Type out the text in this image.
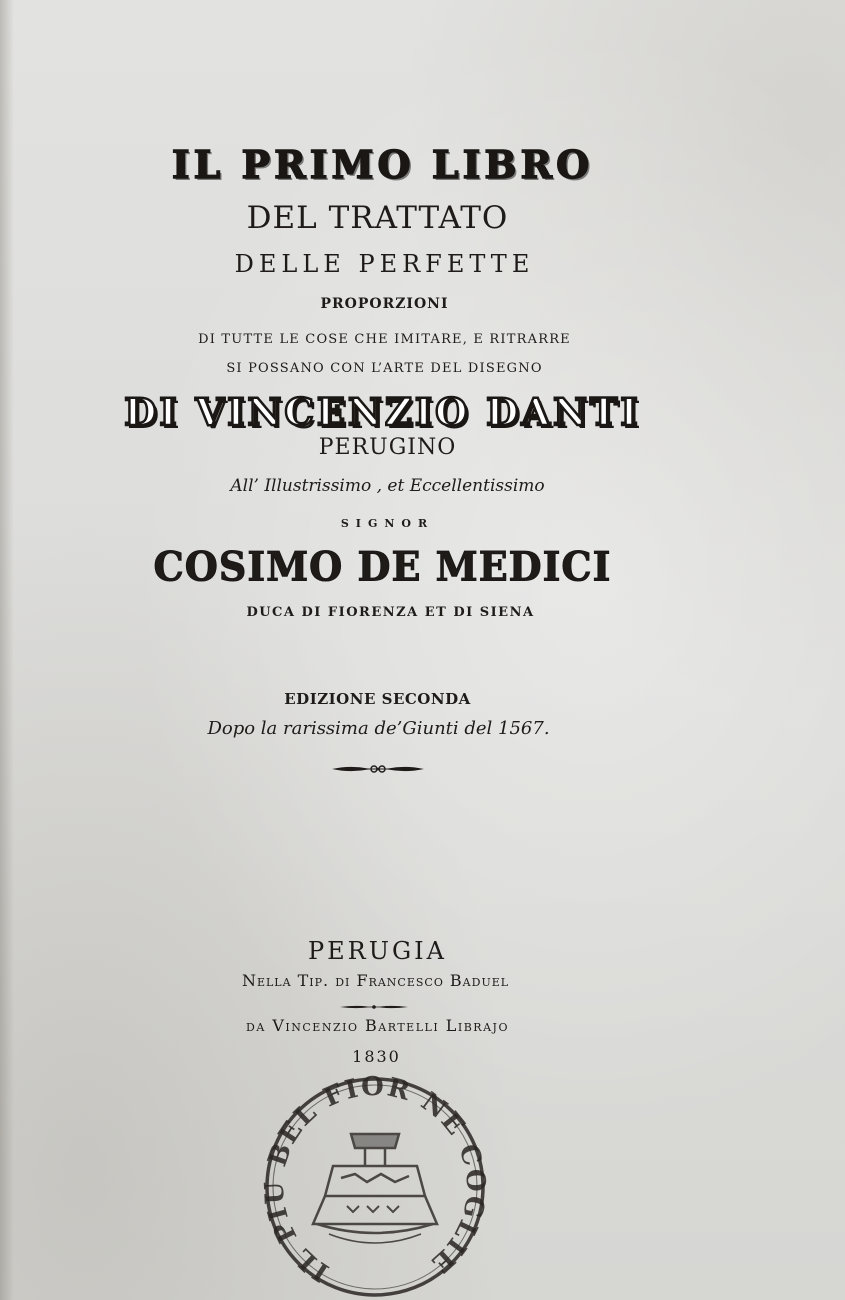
IL PRIMO LIBRO
DEL TRATTATO
DELLE PERFETTE
PROPORZIONI
DI TUTTE LE COSE CHE IMITARE, E RITRARRE
SI POSSANO CON L’ARTE DEL DISEGNO
DI VINCENZIO DANTI
PERUGINO
All’ Illustrissimo , et Eccellentissimo
SIGNOR
COSIMO DE MEDICI
DUCA DI FIORENZA ET DI SIENA
EDIZIONE SECONDA
Dopo la rarissima de’Giunti del 1567.
PERUGIA
Nella Tip. di Francesco Baduel
da Vincenzio Bartelli Librajo
1830
IL PIU BEL FIOR NE COGLIE
